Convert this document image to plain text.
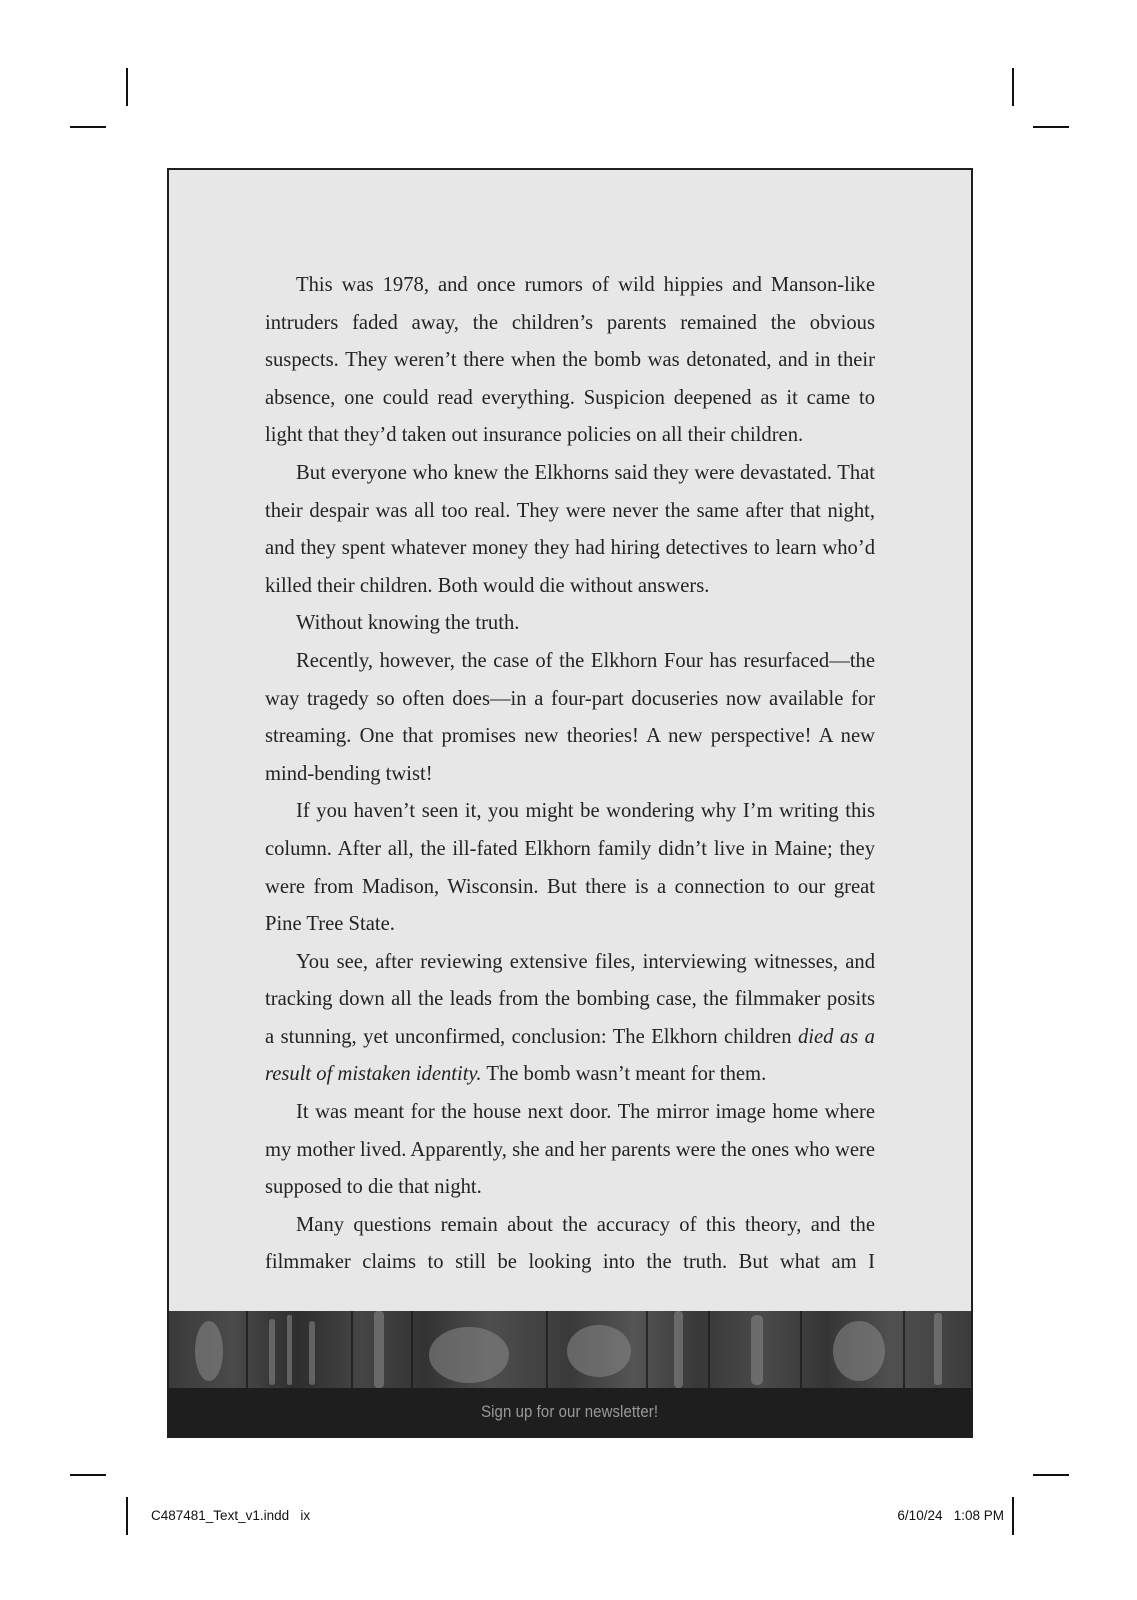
This was 1978, and once rumors of wild hippies and Manson-like intruders faded away, the children’s parents remained the obvious suspects. They weren’t there when the bomb was detonated, and in their absence, one could read everything. Suspicion deepened as it came to light that they’d taken out insurance policies on all their children.

But everyone who knew the Elkhorns said they were devastated. That their despair was all too real. They were never the same after that night, and they spent whatever money they had hiring detectives to learn who’d killed their children. Both would die without answers.

Without knowing the truth.

Recently, however, the case of the Elkhorn Four has resurfaced—the way tragedy so often does—in a four-part docuseries now available for streaming. One that promises new theories! A new perspective! A new mind-bending twist!

If you haven’t seen it, you might be wondering why I’m writing this column. After all, the ill-fated Elkhorn family didn’t live in Maine; they were from Madison, Wisconsin. But there is a connection to our great Pine Tree State.

You see, after reviewing extensive files, interviewing witnesses, and tracking down all the leads from the bombing case, the filmmaker posits a stunning, yet unconfirmed, conclusion: The Elkhorn children died as a result of mistaken identity. The bomb wasn’t meant for them.

It was meant for the house next door. The mirror image home where my mother lived. Apparently, she and her parents were the ones who were supposed to die that night.

Many questions remain about the accuracy of this theory, and the filmmaker claims to still be looking into the truth. But what am I

Sign up for our newsletter!
C487481_Text_v1.indd   ix	6/10/24   1:08 PM
